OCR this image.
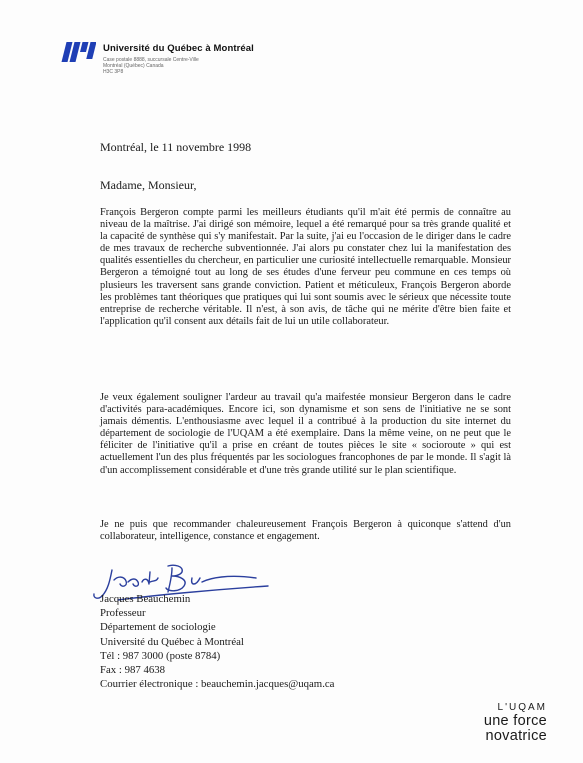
Université du Québec à Montréal
Case postale 8888, succursale Centre-Ville
Montréal (Québec) Canada
H3C 3P8
Montréal, le 11 novembre 1998
Madame, Monsieur,
François Bergeron compte parmi les meilleurs étudiants qu'il m'ait été permis de connaître au niveau de la maîtrise. J'ai dirigé son mémoire, lequel a été remarqué pour sa très grande qualité et la capacité de synthèse qui s'y manifestait. Par la suite, j'ai eu l'occasion de le diriger dans le cadre de mes travaux de recherche subventionnée. J'ai alors pu constater chez lui la manifestation des qualités essentielles du chercheur, en particulier une curiosité intellectuelle remarquable. Monsieur Bergeron a témoigné tout au long de ses études d'une ferveur peu commune en ces temps où plusieurs les traversent sans grande conviction. Patient et méticuleux, François Bergeron aborde les problèmes tant théoriques que pratiques qui lui sont soumis avec le sérieux que nécessite toute entreprise de recherche véritable. Il n'est, à son avis, de tâche qui ne mérite d'être bien faite et l'application qu'il consent aux détails fait de lui un utile collaborateur.
Je veux également souligner l'ardeur au travail qu'a maifestée monsieur Bergeron dans le cadre d'activités para-académiques. Encore ici, son dynamisme et son sens de l'initiative ne se sont jamais démentis. L'enthousiasme avec lequel il a contribué à la production du site internet du département de sociologie de l'UQAM a été exemplaire. Dans la même veine, on ne peut que le féliciter de l'initiative qu'il a prise en créant de toutes pièces le site « socioroute » qui est actuellement l'un des plus fréquentés par les sociologues francophones de par le monde. Il s'agit là d'un accomplissement considérable et d'une très grande utilité sur le plan scientifique.
Je ne puis que recommander chaleureusement François Bergeron à quiconque s'attend d'un collaborateur, intelligence, constance et engagement.
Jacques Beauchemin
Professeur
Département de sociologie
Université du Québec à Montréal
Tél : 987 3000 (poste 8784)
Fax : 987 4638
Courrier électronique : beauchemin.jacques@uqam.ca
L'UQAM
une force
novatrice
